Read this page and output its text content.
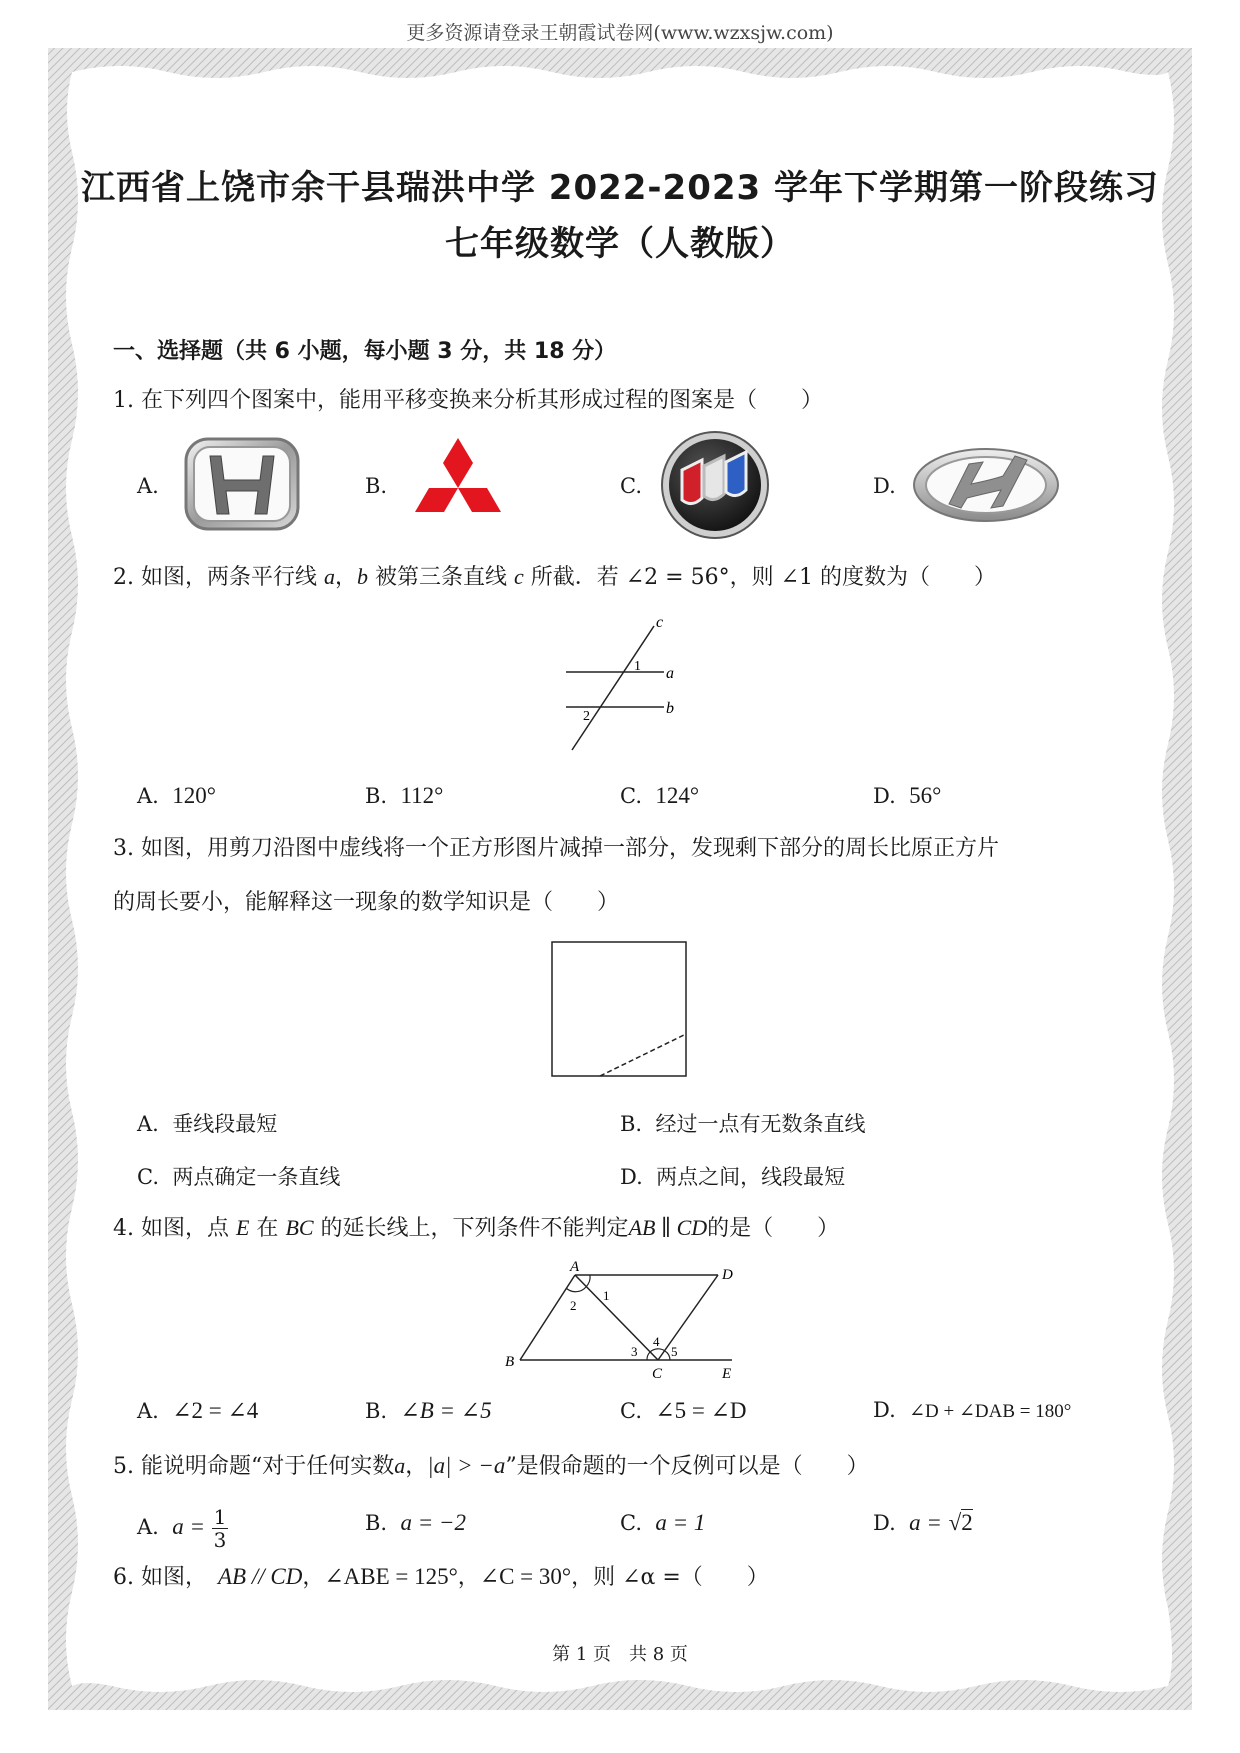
更多资源请登录王朝霞试卷网(www.wzxsjw.com)
江西省上饶市余干县瑞洪中学 2022-2023 学年下学期第一阶段练习
七年级数学（人教版）
一、选择题（共 6 小题，每小题 3 分，共 18 分）
1. 在下列四个图案中，能用平移变换来分析其形成过程的图案是（　　）
A.	B.	C.	D.
2. 如图，两条平行线 a，b 被第三条直线 c 所截．若 ∠2 = 56°，则 ∠1 的度数为（　　）
c
a
b
1
2
A. 120°	B. 112°	C. 124°	D. 56°
3. 如图，用剪刀沿图中虚线将一个正方形图片减掉一部分，发现剩下部分的周长比原正方片
的周长要小，能解释这一现象的数学知识是（　　）
A. 垂线段最短	B. 经过一点有无数条直线
C. 两点确定一条直线	D. 两点之间，线段最短
4. 如图，点 E 在 BC 的延长线上，下列条件不能判定AB ∥ CD的是（　　）
A	D
B
C	E
1
2
3
4
5
A. ∠2 = ∠4	B. ∠B = ∠5	C. ∠5 = ∠D	D. ∠D + ∠DAB = 180°
5. 能说明命题“对于任何实数a，|a| > −a”是假命题的一个反例可以是（　　）
A. $a = \frac{1}{3}$	B. a = −2	C. a = 1	D. a = √2
6. 如图，　AB // CD，∠ABE = 125°，∠C = 30°，则 ∠α =（　　）
第 1 页　共 8 页
